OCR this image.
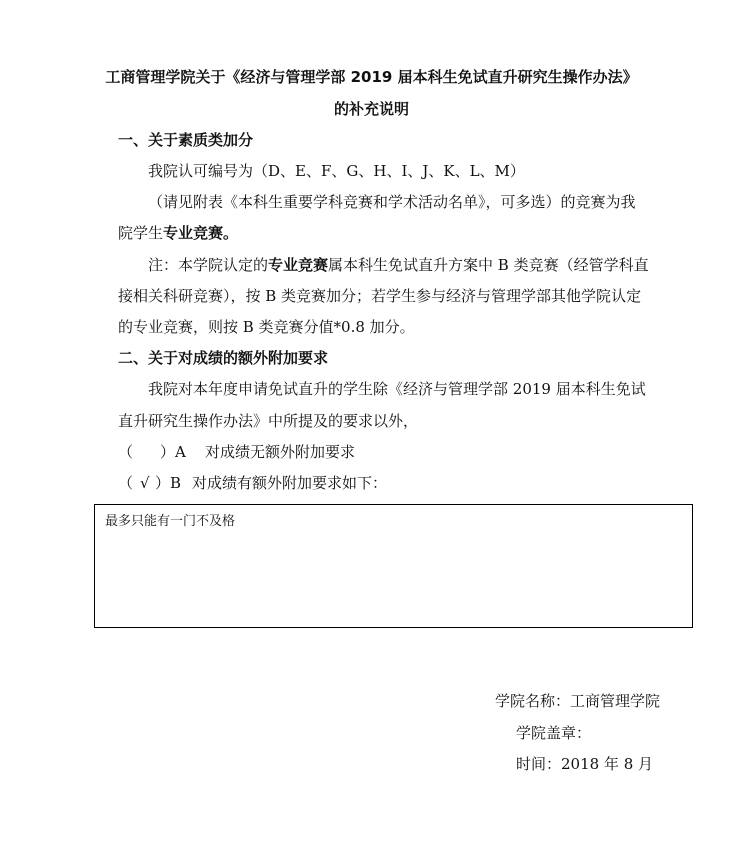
工商管理学院关于《经济与管理学部 2019 届本科生免试直升研究生操作办法》
的补充说明
一、关于素质类加分
我院认可编号为（D、E、F、G、H、I、J、K、L、M）
（请见附表《本科生重要学科竞赛和学术活动名单》，可多选）的竞赛为我
院学生专业竞赛。
注：本学院认定的专业竞赛属本科生免试直升方案中 B 类竞赛（经管学科直
接相关科研竞赛），按 B 类竞赛加分；若学生参与经济与管理学部其他学院认定
的专业竞赛，则按 B 类竞赛分值*0.8 加分。
二、关于对成绩的额外附加要求
我院对本年度申请免试直升的学生除《经济与管理学部 2019 届本科生免试
直升研究生操作办法》中所提及的要求以外，
（ ）A 对成绩无额外附加要求
（ √ ）B 对成绩有额外附加要求如下：
最多只能有一门不及格
学院名称：工商管理学院
学院盖章：
时间：2018 年 8 月
